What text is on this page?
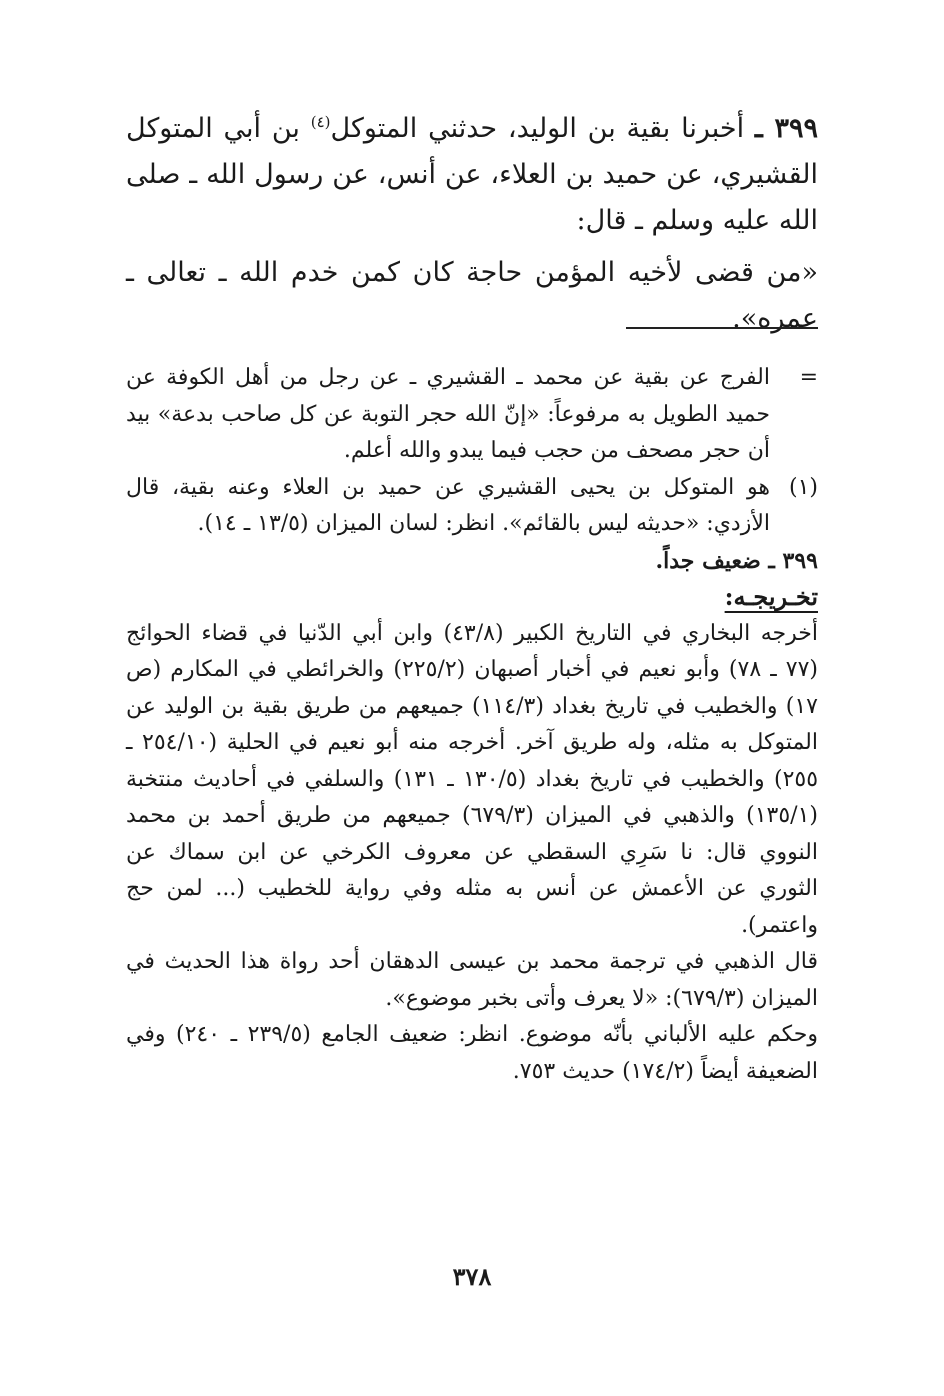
٣٩٩ ـ أخبرنا بقية بن الوليد، حدثني المتوكل$^{(٤)}$ بن أبي المتوكل القشيري، عن حميد بن العلاء، عن أنس، عن رسول الله ـ صلى الله عليه وسلم ـ قال:

«من قضى لأخيه المؤمن حاجة كان كمن خدم الله ـ تعالى ـ عمره».

=
الفرج عن بقية عن محمد ـ القشيري ـ عن رجل من أهل الكوفة عن حميد الطويل به مرفوعاً: «إنّ الله حجر التوبة عن كل صاحب بدعة» بيد أن حجر مصحف من حجب فيما يبدو والله أعلم.
(١)
هو المتوكل بن يحيى القشيري عن حميد بن العلاء وعنه بقية، قال الأزدي: «حديثه ليس بالقائم». انظر: لسان الميزان (١٣/٥ ـ ١٤).

٣٩٩ ـ ضعيف جداً.

تخـريجـه:

أخرجه البخاري في التاريخ الكبير (٤٣/٨) وابن أبي الدّنيا في قضاء الحوائج (٧٧ ـ ٧٨) وأبو نعيم في أخبار أصبهان (٢٢٥/٢) والخرائطي في المكارم (ص ١٧) والخطيب في تاريخ بغداد (١١٤/٣) جميعهم من طريق بقية بن الوليد عن المتوكل به مثله، وله طريق آخر. أخرجه منه أبو نعيم في الحلية (٢٥٤/١٠ ـ ٢٥٥) والخطيب في تاريخ بغداد (١٣٠/٥ ـ ١٣١) والسلفي في أحاديث منتخبة (١٣٥/١) والذهبي في الميزان (٦٧٩/٣) جميعهم من طريق أحمد بن محمد النووي قال: نا سَرِي السقطي عن معروف الكرخي عن ابن سماك عن الثوري عن الأعمش عن أنس به مثله وفي رواية للخطيب (... لمن حج واعتمر).

قال الذهبي في ترجمة محمد بن عيسى الدهقان أحد رواة هذا الحديث في الميزان (٦٧٩/٣): «لا يعرف وأتى بخبر موضوع».

وحكم عليه الألباني بأنّه موضوع. انظر: ضعيف الجامع (٢٣٩/٥ ـ ٢٤٠) وفي الضعيفة أيضاً (١٧٤/٢) حديث ٧٥٣.

٣٧٨
